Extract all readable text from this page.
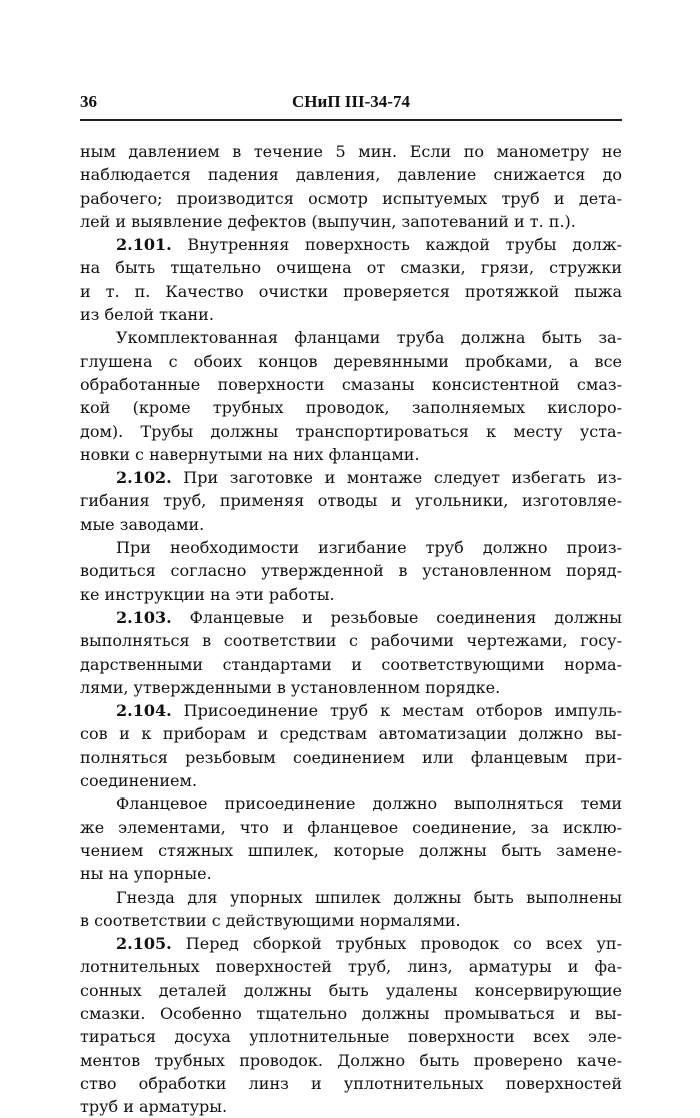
36	СНиП III-34-74
ным давлением в течение 5 мин. Если по манометру не
наблюдается падения давления, давление снижается до
рабочего; производится осмотр испытуемых труб и дета-
лей и выявление дефектов (выпучин, запотеваний и т. п.).
2.101. Внутренняя поверхность каждой трубы долж-
на быть тщательно очищена от смазки, грязи, стружки
и т. п. Качество очистки проверяется протяжкой пыжа
из белой ткани.
Укомплектованная фланцами труба должна быть за-
глушена с обоих концов деревянными пробками, а все
обработанные поверхности смазаны консистентной смаз-
кой (кроме трубных проводок, заполняемых кислоро-
дом). Трубы должны транспортироваться к месту уста-
новки с навернутыми на них фланцами.
2.102. При заготовке и монтаже следует избегать из-
гибания труб, применяя отводы и угольники, изготовляе-
мые заводами.
При необходимости изгибание труб должно произ-
водиться согласно утвержденной в установленном поряд-
ке инструкции на эти работы.
2.103. Фланцевые и резьбовые соединения должны
выполняться в соответствии с рабочими чертежами, госу-
дарственными стандартами и соответствующими норма-
лями, утвержденными в установленном порядке.
2.104. Присоединение труб к местам отборов импуль-
сов и к приборам и средствам автоматизации должно вы-
полняться резьбовым соединением или фланцевым при-
соединением.
Фланцевое присоединение должно выполняться теми
же элементами, что и фланцевое соединение, за исклю-
чением стяжных шпилек, которые должны быть замене-
ны на упорные.
Гнезда для упорных шпилек должны быть выполнены
в соответствии с действующими нормалями.
2.105. Перед сборкой трубных проводок со всех уп-
лотнительных поверхностей труб, линз, арматуры и фа-
сонных деталей должны быть удалены консервирующие
смазки. Особенно тщательно должны промываться и вы-
тираться досуха уплотнительные поверхности всех эле-
ментов трубных проводок. Должно быть проверено каче-
ство обработки линз и уплотнительных поверхностей
труб и арматуры.
